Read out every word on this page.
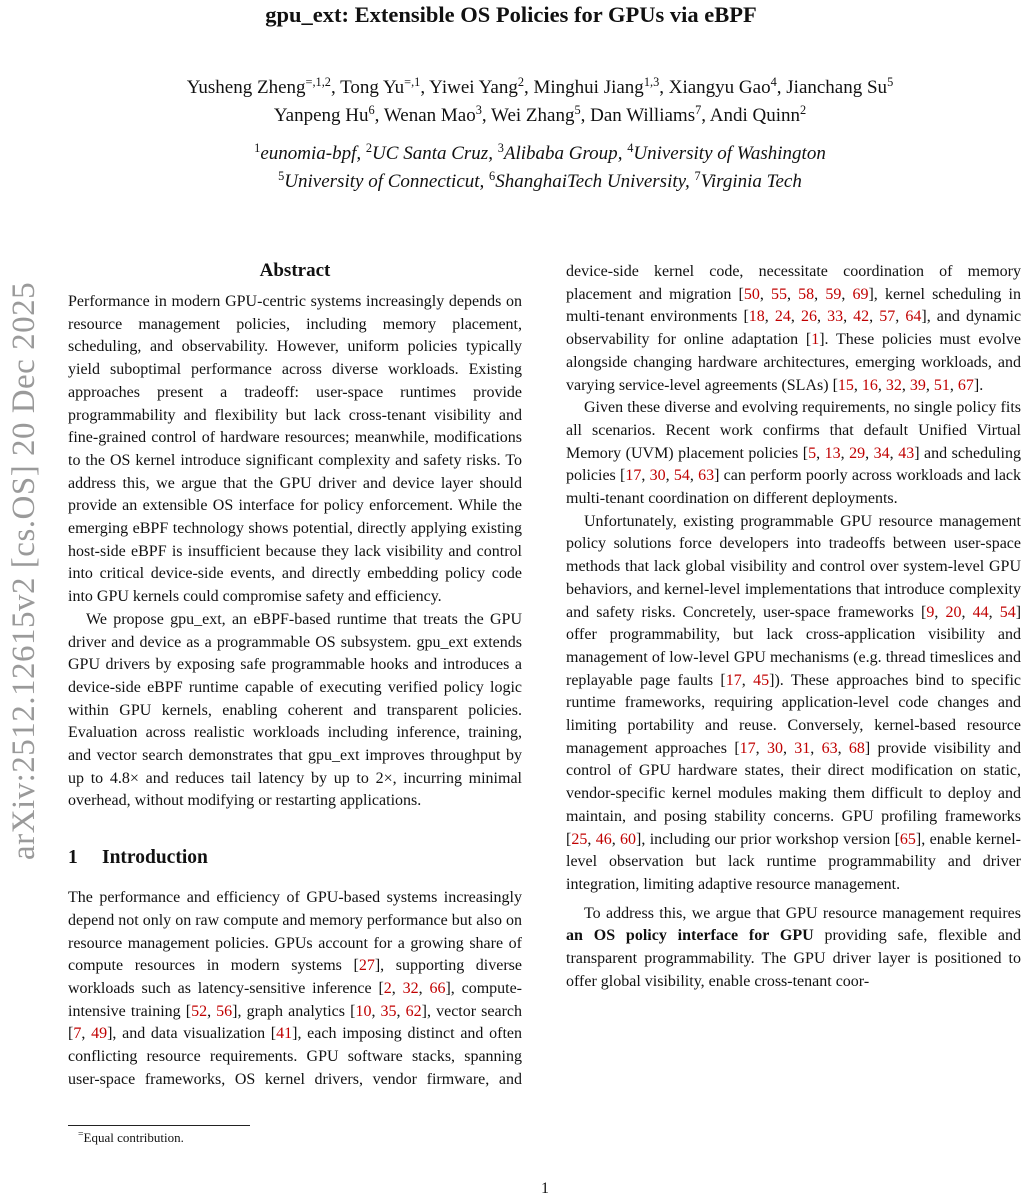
arXiv:2512.12615v2 [cs.OS] 20 Dec 2025
gpu_ext: Extensible OS Policies for GPUs via eBPF
Yusheng Zheng$^{=,1,2}$, Tong $Yu^{=,1}$, Yiwei Yang$^2$, Minghui Jiang$^{1,3}$, Xiangyu Gao$^4$, Jianchang Su$^5$
Yanpeng Hu$^6$, Wenan Mao$^3$, Wei Zhang$^5$, Dan Williams$^7$, Andi Quinn$^2$
$^1$eunomia-bpf, $^2$UC Santa Cruz, $^3$Alibaba Group, $^4$University of Washington
$^5$University of Connecticut, $^6$ShanghaiTech University, $^7$Virginia Tech
Abstract

Performance in modern GPU-centric systems increasingly depends on resource management policies, including memory placement, scheduling, and observability. However, uniform policies typically yield suboptimal performance across diverse workloads. Existing approaches present a tradeoff: user-space runtimes provide programmability and flexibility but lack cross-tenant visibility and fine-grained control of hardware resources; meanwhile, modifications to the OS kernel introduce significant complexity and safety risks. To address this, we argue that the GPU driver and device layer should provide an extensible OS interface for policy enforcement. While the emerging eBPF technology shows potential, directly applying existing host-side eBPF is insufficient because they lack visibility and control into critical device-side events, and directly embedding policy code into GPU kernels could compromise safety and efficiency.

We propose gpu_ext, an eBPF-based runtime that treats the GPU driver and device as a programmable OS subsystem. gpu_ext extends GPU drivers by exposing safe programmable hooks and introduces a device-side eBPF runtime capable of executing verified policy logic within GPU kernels, enabling coherent and transparent policies. Evaluation across realistic workloads including inference, training, and vector search demonstrates that gpu_ext improves throughput by up to 4.8× and reduces tail latency by up to 2×, incurring minimal overhead, without modifying or restarting applications.

1 Introduction

The performance and efficiency of GPU-based systems increasingly depend not only on raw compute and memory performance but also on resource management policies. GPUs account for a growing share of compute resources in modern systems [27], supporting diverse workloads such as latency-sensitive inference [2, 32, 66], compute-intensive training [52, 56], graph analytics [10, 35, 62], vector search [7, 49], and data visualization [41], each imposing distinct and often conflicting resource requirements. GPU software stacks, spanning user-space frameworks, OS kernel drivers, vendor firmware, and

device-side kernel code, necessitate coordination of memory placement and migration [50, 55, 58, 59, 69], kernel scheduling in multi-tenant environments [18, 24, 26, 33, 42, 57, 64], and dynamic observability for online adaptation [1]. These policies must evolve alongside changing hardware architectures, emerging workloads, and varying service-level agreements (SLAs) [15, 16, 32, 39, 51, 67].

Given these diverse and evolving requirements, no single policy fits all scenarios. Recent work confirms that default Unified Virtual Memory (UVM) placement policies [5, 13, 29, 34, 43] and scheduling policies [17, 30, 54, 63] can perform poorly across workloads and lack multi-tenant coordination on different deployments.

Unfortunately, existing programmable GPU resource management policy solutions force developers into tradeoffs between user-space methods that lack global visibility and control over system-level GPU behaviors, and kernel-level implementations that introduce complexity and safety risks. Concretely, user-space frameworks [9, 20, 44, 54] offer programmability, but lack cross-application visibility and management of low-level GPU mechanisms (e.g. thread timeslices and replayable page faults [17, 45]). These approaches bind to specific runtime frameworks, requiring application-level code changes and limiting portability and reuse. Conversely, kernel-based resource management approaches [17, 30, 31, 63, 68] provide visibility and control of GPU hardware states, their direct modification on static, vendor-specific kernel modules making them difficult to deploy and maintain, and posing stability concerns. GPU profiling frameworks [25, 46, 60], including our prior workshop version [65], enable kernel-level observation but lack runtime programmability and driver integration, limiting adaptive resource management.

To address this, we argue that GPU resource management requires an OS policy interface for GPU providing safe, flexible and transparent programmability. The GPU driver layer is positioned to offer global visibility, enable cross-tenant coor-

=Equal contribution.
1
